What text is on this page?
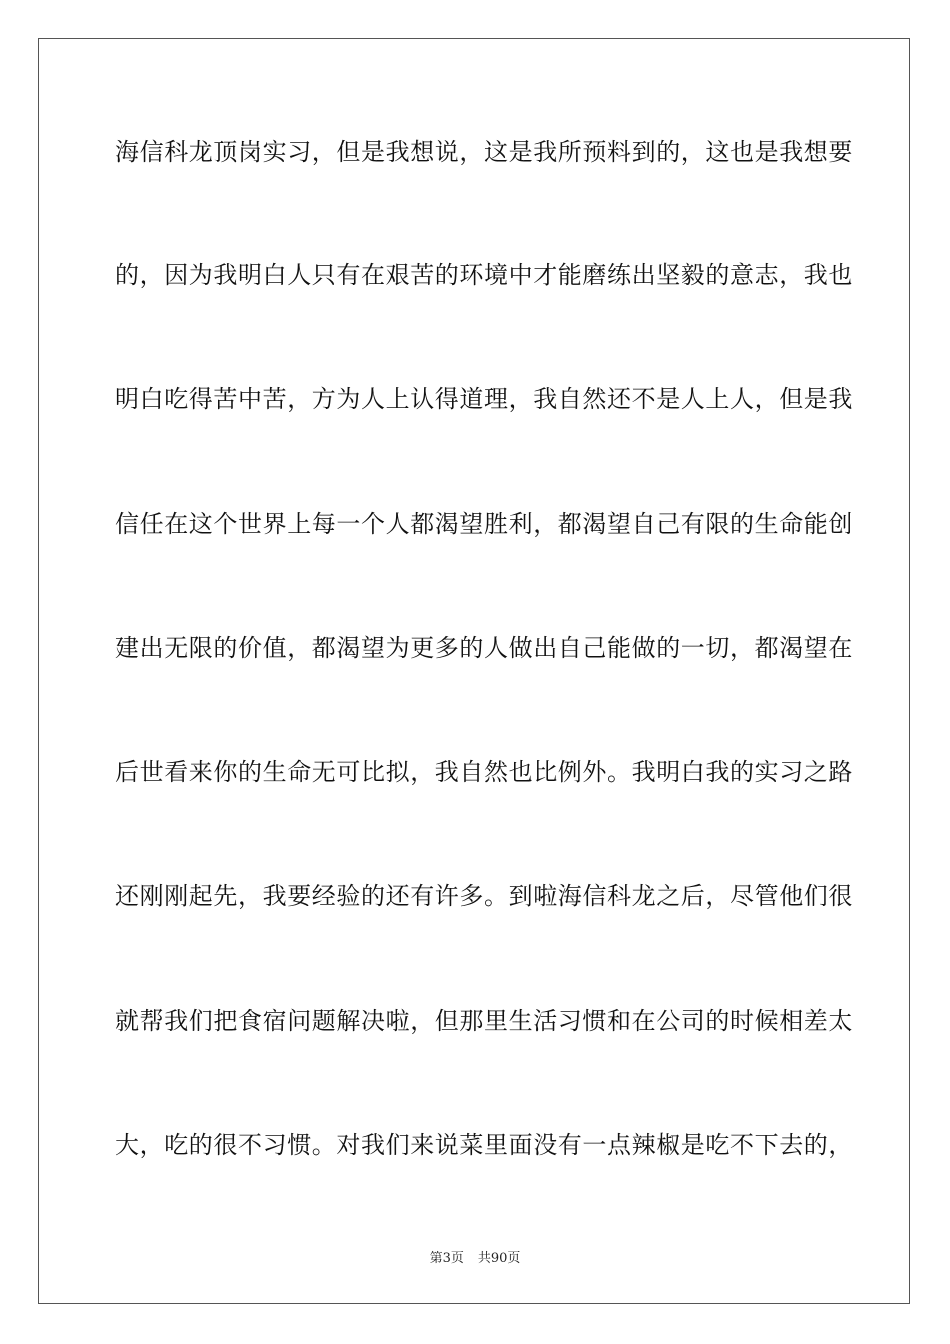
海信科龙顶岗实习，但是我想说，这是我所预料到的，这也是我想要
的，因为我明白人只有在艰苦的环境中才能磨练出坚毅的意志，我也
明白吃得苦中苦，方为人上认得道理，我自然还不是人上人，但是我
信任在这个世界上每一个人都渴望胜利，都渴望自己有限的生命能创
建出无限的价值，都渴望为更多的人做出自己能做的一切，都渴望在
后世看来你的生命无可比拟，我自然也比例外。我明白我的实习之路
还刚刚起先，我要经验的还有许多。到啦海信科龙之后，尽管他们很
就帮我们把食宿问题解决啦，但那里生活习惯和在公司的时候相差太
大，吃的很不习惯。对我们来说菜里面没有一点辣椒是吃不下去的，
第3页 共90页
